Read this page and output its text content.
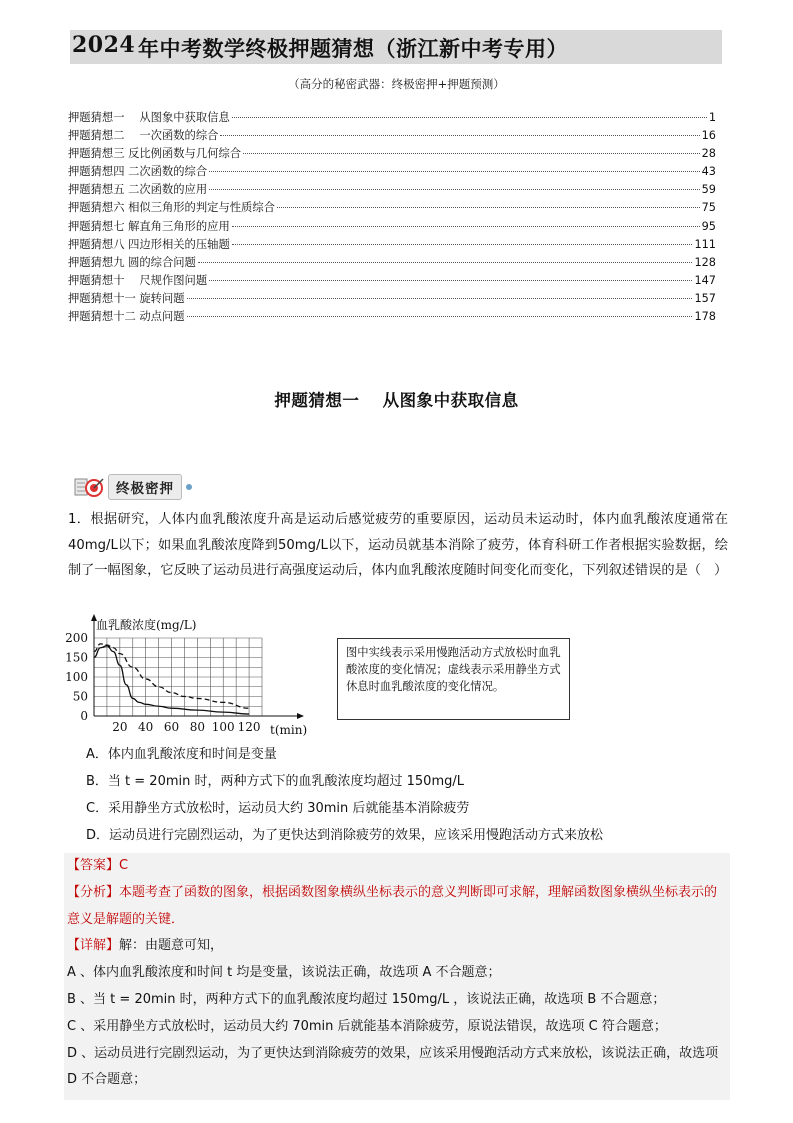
2024 年中考数学终极押题猜想（浙江新中考专用）
（高分的秘密武器：终极密押+押题预测）
押题猜想一　 从图象中获取信息	1
押题猜想二　 一次函数的综合	16
押题猜想三 反比例函数与几何综合	28
押题猜想四 二次函数的综合	43
押题猜想五 二次函数的应用	59
押题猜想六 相似三角形的判定与性质综合	75
押题猜想七 解直角三角形的应用	95
押题猜想八 四边形相关的压轴题	111
押题猜想九 圆的综合问题	128
押题猜想十　 尺规作图问题	147
押题猜想十一 旋转问题	157
押题猜想十二 动点问题	178
押题猜想一　 从图象中获取信息
终极密押
1．根据研究，人体内血乳酸浓度升高是运动后感觉疲劳的重要原因，运动员未运动时，体内血乳酸浓度通常在40mg/L以下；如果血乳酸浓度降到50mg/L以下，运动员就基本消除了疲劳，体育科研工作者根据实验数据，绘制了一幅图象，它反映了运动员进行高强度运动后，体内血乳酸浓度随时间变化而变化，下列叙述错误的是（　）
0
50
100
150
200
20 40 60 80 100 120
血乳酸浓度(mg/L)
t(min)
图中实线表示采用慢跑活动方式放松时血乳酸浓度的变化情况；虚线表示采用静坐方式休息时血乳酸浓度的变化情况。
A．体内血乳酸浓度和时间是变量
B．当 t = 20min 时，两种方式下的血乳酸浓度均超过 150mg/L
C．采用静坐方式放松时，运动员大约 30min 后就能基本消除疲劳
D．运动员进行完剧烈运动，为了更快达到消除疲劳的效果，应该采用慢跑活动方式来放松
【答案】C
【分析】本题考查了函数的图象，根据函数图象横纵坐标表示的意义判断即可求解，理解函数图象横纵坐标表示的意义是解题的关键．
【详解】解：由题意可知，
A 、体内血乳酸浓度和时间 t 均是变量，该说法正确，故选项 A 不合题意；
B 、当 t = 20min 时，两种方式下的血乳酸浓度均超过 150mg/L ，该说法正确，故选项 B 不合题意；
C 、采用静坐方式放松时，运动员大约 70min 后就能基本消除疲劳，原说法错误，故选项 C 符合题意；
D 、运动员进行完剧烈运动，为了更快达到消除疲劳的效果，应该采用慢跑活动方式来放松，该说法正确，故选项 D 不合题意；
